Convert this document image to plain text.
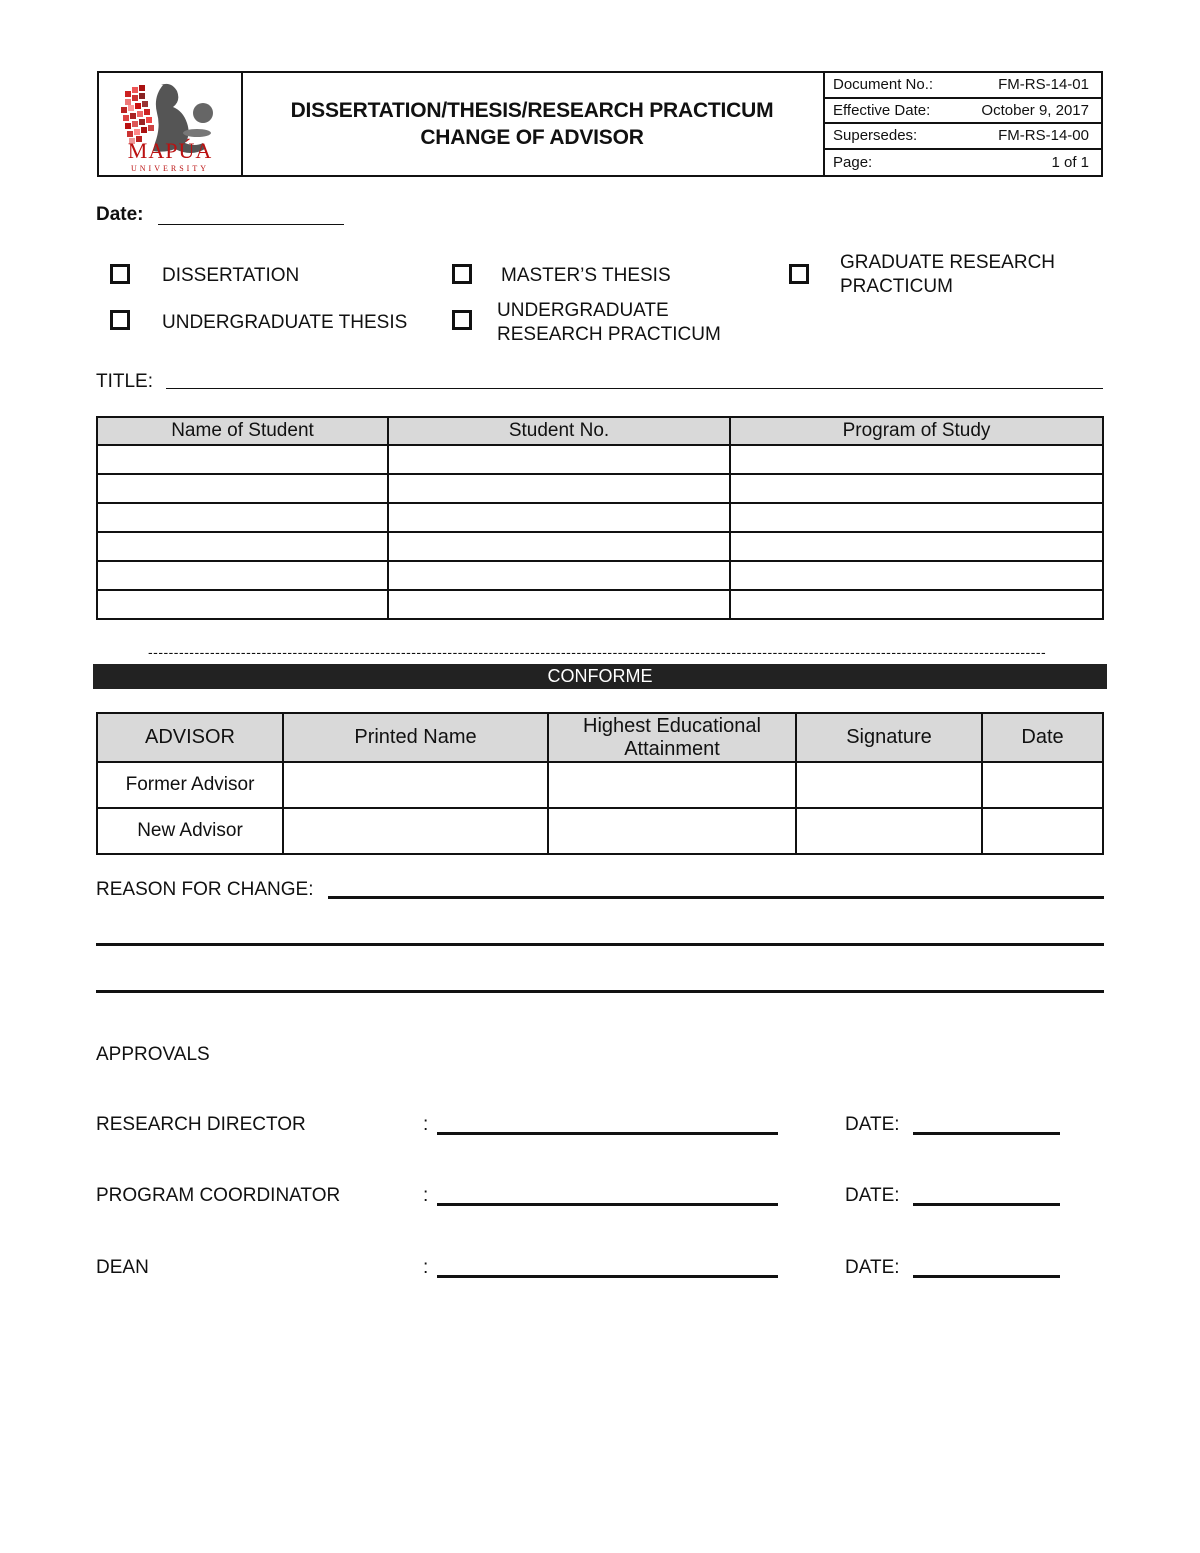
MAPÚA
UNIVERSITY
DISSERTATION/THESIS/RESEARCH PRACTICUM
CHANGE OF ADVISOR
Document No.:	FM-RS-14-01
Effective Date:	October 9, 2017
Supersedes:	FM-RS-14-00
Page:	1 of 1
Date:
DISSERTATION	MASTER’S THESIS
GRADUATE RESEARCH
PRACTICUM
UNDERGRADUATE THESIS
UNDERGRADUATE
RESEARCH PRACTICUM
TITLE:
Name of Student	Student No.	Program of Study

------------------------------------------------------------------------------------------------------------------------------------------------------------------------------
CONFORME
ADVISOR	Printed Name	Highest Educational Attainment	Signature	Date
Former Advisor				
New Advisor				
REASON FOR CHANGE:
APPROVALS
RESEARCH DIRECTOR	:	DATE:
PROGRAM COORDINATOR	:	DATE:
DEAN	:	DATE:
